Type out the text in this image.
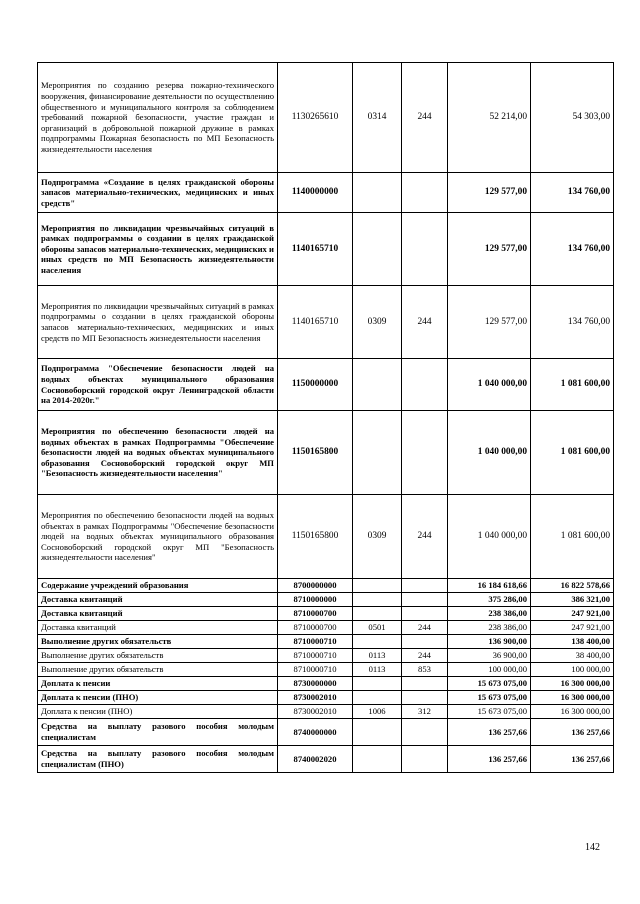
Мероприятия по созданию резерва пожарно-технического вооружения, финансирование деятельности по осуществлению общественного и муниципального контроля за соблюдением требований пожарной безопасности, участие граждан и организаций в добровольной пожарной дружине в рамках подпрограммы Пожарная безопасность по МП Безопасность жизнедеятельности населения	1130265610	0314	244	52 214,00	54 303,00
Подпрограмма «Создание в целях гражданской обороны запасов материально-технических, медицинских и иных средств"	1140000000			129 577,00	134 760,00
Мероприятия по ликвидации чрезвычайных ситуаций в рамках подпрограммы о создании в целях гражданской обороны запасов материально-технических, медицинских и иных средств по МП Безопасность жизнедеятельности населения	1140165710			129 577,00	134 760,00
Мероприятия по ликвидации чрезвычайных ситуаций в рамках подпрограммы о создании в целях гражданской обороны запасов материально-технических, медицинских и иных средств по МП Безопасность жизнедеятельности населения	1140165710	0309	244	129 577,00	134 760,00
Подпрограмма "Обеспечение безопасности людей на водных объектах муниципального образования Сосновоборский городской округ Ленинградской области на 2014-2020г."	1150000000			1 040 000,00	1 081 600,00
Мероприятия по обеспечению безопасности людей на водных объектах в рамках Подпрограммы "Обеспечение безопасности людей на водных объектах муниципального образования Сосновоборский городской округ МП "Безопасность жизнедеятельности населения"	1150165800			1 040 000,00	1 081 600,00
Мероприятия по обеспечению безопасности людей на водных объектах в рамках Подпрограммы "Обеспечение безопасности людей на водных объектах муниципального образования Сосновоборский городской округ МП "Безопасность жизнедеятельности населения"	1150165800	0309	244	1 040 000,00	1 081 600,00
Содержание учреждений образования	8700000000			16 184 618,66	16 822 578,66
Доставка квитанций	8710000000			375 286,00	386 321,00
Доставка квитанций	8710000700			238 386,00	247 921,00
Доставка квитанций	8710000700	0501	244	238 386,00	247 921,00
Выполнение других обязательств	8710000710			136 900,00	138 400,00
Выполнение других обязательств	8710000710	0113	244	36 900,00	38 400,00
Выполнение других обязательств	8710000710	0113	853	100 000,00	100 000,00
Доплата к пенсии	8730000000			15 673 075,00	16 300 000,00
Доплата к пенсии (ПНО)	8730002010			15 673 075,00	16 300 000,00
Доплата к пенсии (ПНО)	8730002010	1006	312	15 673 075,00	16 300 000,00
Средства на выплату разового пособия молодым специалистам	8740000000			136 257,66	136 257,66
Средства на выплату разового пособия молодым специалистам (ПНО)	8740002020			136 257,66	136 257,66
142
